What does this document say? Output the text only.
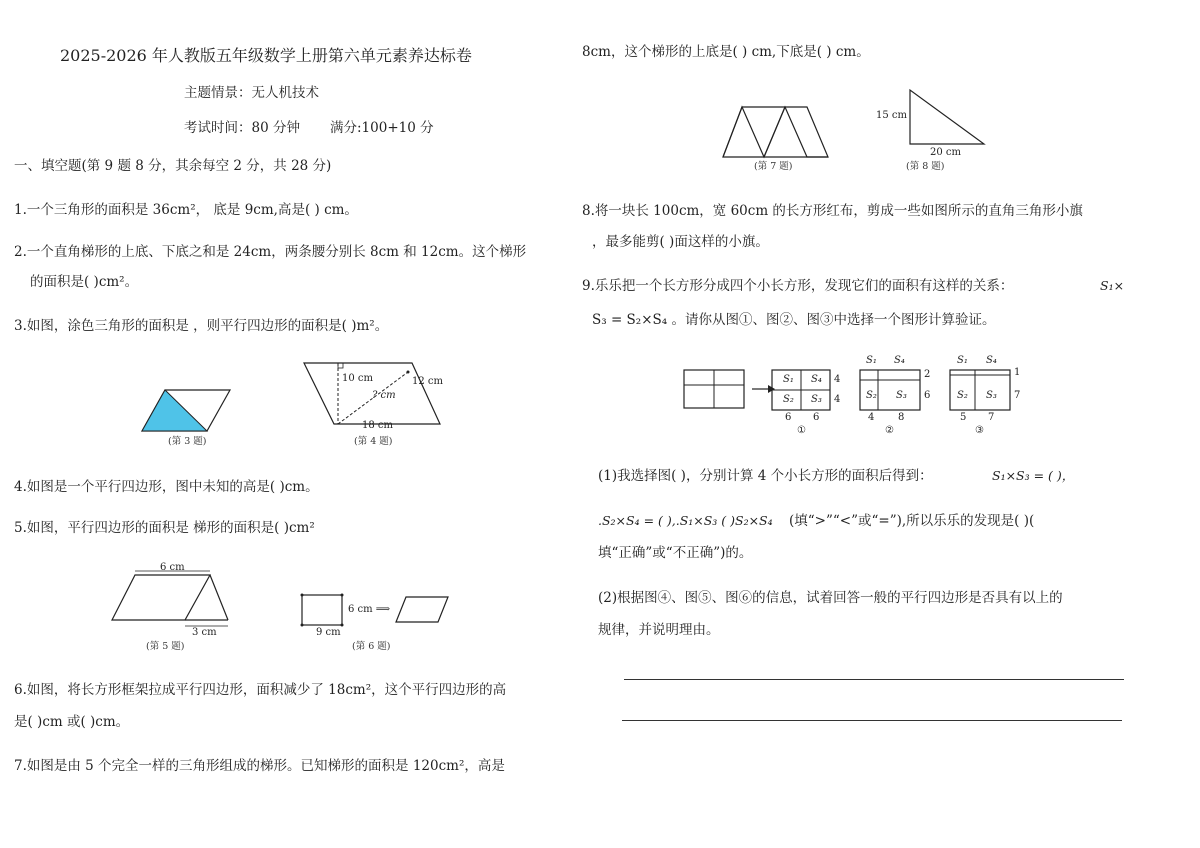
2025-2026 年人教版五年级数学上册第六单元素养达标卷
主题情景：无人机技术
考试时间：80 分钟       满分:100+10 分
一、填空题(第 9 题 8 分，其余每空 2 分，共 28 分)
1.一个三角形的面积是 36cm²， 底是 9cm,高是( ) cm。
2.一个直角梯形的上底、下底之和是 24cm，两条腰分别长 8cm 和 12cm。这个梯形
的面积是( )cm²。
3.如图，涂色三角形的面积是 ，则平行四边形的面积是( )m²。
(第 3 题)
10 cm	12 cm
? cm
18 cm
(第 4 题)
4.如图是一个平行四边形，图中未知的高是( )cm。
5.如图，平行四边形的面积是 梯形的面积是( )cm²
6 cm
3 cm
(第 5 题)
6 cm ⟹
9 cm
(第 6 题)
6.如图，将长方形框架拉成平行四边形，面积减少了 18cm²，这个平行四边形的高
是( )cm 或( )cm。
7.如图是由 5 个完全一样的三角形组成的梯形。已知梯形的面积是 120cm²，高是
8cm，这个梯形的上底是( ) cm,下底是( ) cm。
(第 7 题)
15 cm
20 cm
(第 8 题)
8.将一块长 100cm，宽 60cm 的长方形红布，剪成一些如图所示的直角三角形小旗
，最多能剪( )面这样的小旗。
9.乐乐把一个长方形分成四个小长方形，发现它们的面积有这样的关系：	S₁×
S₃ = S₂×S₄ 。请你从图①、图②、图③中选择一个图形计算验证。
S₁ S₄
S₂ S₃
4
4
6 6
①
S₁ S₄
S₂ S₃
2
6
4 8
②
S₁ S₄
S₂ S₃
1
7
5 7
③
(1)我选择图( )，分别计算 4 个小长方形的面积后得到：	S₁×S₃ = ( )，
.S₂×S₄ = ( ),.S₁×S₃ ( )S₂×S₄ (填“>”“<”或“=”),所以乐乐的发现是( )(
填“正确”或“不正确”)的。
(2)根据图④、图⑤、图⑥的信息，试着回答一般的平行四边形是否具有以上的
规律，并说明理由。
